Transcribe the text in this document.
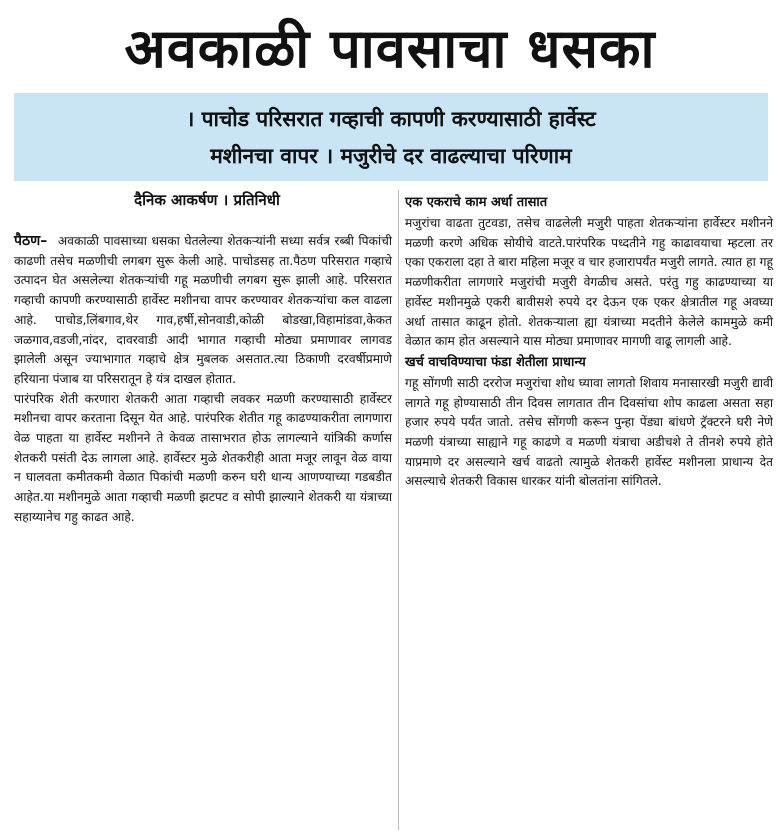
अवकाळी पावसाचा धसका
। पाचोड परिसरात गव्हाची कापणी करण्यासाठी हार्वेस्ट
मशीनचा वापर । मजुरीचे दर वाढल्याचा परिणाम
दैनिक आकर्षण । प्रतिनिधी

पैठण– अवकाळी पावसाच्या धसका घेतलेल्या शेतकऱ्यांनी सध्या सर्वत्र रब्बी पिकांची काढणी तसेच मळणीची लगबग सुरू केली आहे. पाचोडसह ता.पैठण परिसरात गव्हाचे उत्पादन घेत असलेल्या शेतकऱ्यांची गहू मळणीची लगबग सुरू झाली आहे. परिसरात गव्हाची कापणी करण्यासाठी हार्वेस्ट मशीनचा वापर करण्यावर शेतकऱ्यांचा कल वाढला आहे. पाचोड,लिंबगाव,थेर गाव,हर्षी,सोनवाडी,कोळी बोडखा,विहामांडवा,केकत जळगाव,वडजी,नांदर, दावरवाडी आदी भागात गव्हाची मोठ्या प्रमाणावर लागवड झालेली असून ज्याभागात गव्हाचे क्षेत्र मुबलक असतात.त्या ठिकाणी दरवर्षीप्रमाणे हरियाना पंजाब या परिसरातून हे यंत्र दाखल होतात.

पारंपरिक शेती करणारा शेतकरी आता गव्हाची लवकर मळणी करण्यासाठी हार्वेस्टर मशीनचा वापर करताना दिसून येत आहे. पारंपरिक शेतीत गहू काढण्याकरीता लागणारा वेळ पाहता या हार्वेस्ट मशीनने ते केवळ तासाभरात होऊ लागल्याने यांत्रिकी कर्णास शेतकरी पसंती देऊ लागला आहे. हार्वेस्टर मुळे शेतकरीही आता मजूर लावून वेळ वाया न घालवता कमीतकमी वेळात पिकांची मळणी करुन घरी धान्य आणण्याच्या गडबडीत आहेत.या मशीनमुळे आता गव्हाची मळणी झटपट व सोपी झाल्याने शेतकरी या यंत्राच्या सहाय्यानेच गहु काढत आहे.

एक एकराचे काम अर्धा तासात

मजुरांचा वाढता तुटवडा, तसेच वाढलेली मजुरी पाहता शेतकऱ्यांना हार्वेस्टर मशीनने मळणी करणे अधिक सोयीचे वाटते.पारंपरिक पध्दतीने गहु काढावयाचा म्हटला तर एका एकराला दहा ते बारा महिला मजूर व चार हजारापर्यंत मजुरी लागते. त्यात हा गहू मळणीकरीता लागणारे मजुरांची मजुरी वेगळीच असते. परंतु गहु काढण्याच्या या हार्वेस्ट मशीनमुळे एकरी बावीसशे रुपये दर देऊन एक एकर क्षेत्रातील गहू अवघ्या अर्धा तासात काढून होतो. शेतकऱ्याला ह्या यंत्राच्या मदतीने केलेले काममुळे कमी वेळात काम होत असल्याने यास मोठ्या प्रमाणावर मागणी वाढू लागली आहे.

खर्च वाचविण्याचा फंडा शेतीला प्राधान्य

गहू सोंगणी साठी दररोज मजुरांचा शोध घ्यावा लागतो शिवाय मनासारखी मजुरी द्यावी लागते गहू होण्यासाठी तीन दिवस लागतात तीन दिवसांचा शोप काढला असता सहा हजार रुपये पर्यंत जातो. तसेच सोंगणी करून पुन्हा पेंड्या बांधणे ट्रॅक्टरने घरी नेणे मळणी यंत्राच्या साह्याने गहू काढणे व मळणी यंत्राचा अडीचशे ते तीनशे रुपये होते याप्रमाणे दर असल्याने खर्च वाढतो त्यामुळे शेतकरी हार्वेस्ट मशीनला प्राधान्य देत असल्याचे शेतकरी विकास धारकर यांनी बोलतांना सांगितले.
